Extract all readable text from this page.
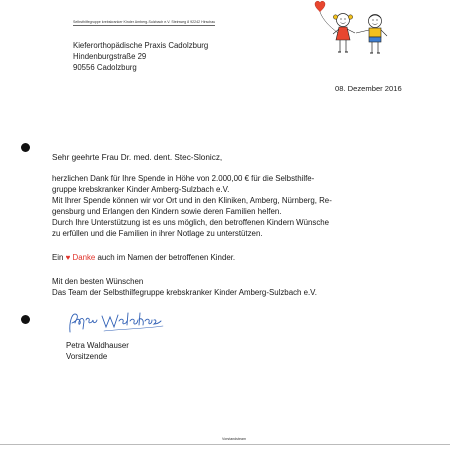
Selbsthilfegruppe krebskranker Kinder Amberg-Sulzbach e.V. Steinweg 8 92242 Hirschau
Kieferorthopädische Praxis Cadolzburg
Hindenburgstraße 29
90556 Cadolzburg
08. Dezember 2016
Sehr geehrte Frau Dr. med. dent. Stec-Slonicz,
herzlichen Dank für Ihre Spende in Höhe von 2.000,00 € für die Selbsthilfe-
gruppe krebskranker Kinder Amberg-Sulzbach e.V.
Mit Ihrer Spende können wir vor Ort und in den Kliniken, Amberg, Nürnberg, Re-
gensburg und Erlangen den Kindern sowie deren Familien helfen.
Durch Ihre Unterstützung ist es uns möglich, den betroffenen Kindern Wünsche
zu erfüllen und die Familien in ihrer Notlage zu unterstützen.
Ein ♥ Danke auch im Namen der betroffenen Kinder.
Mit den besten Wünschen
Das Team der Selbsthilfegruppe krebskranker Kinder Amberg-Sulzbach e.V.
Petra Waldhauser
Vorsitzende
Vorstandsteam
